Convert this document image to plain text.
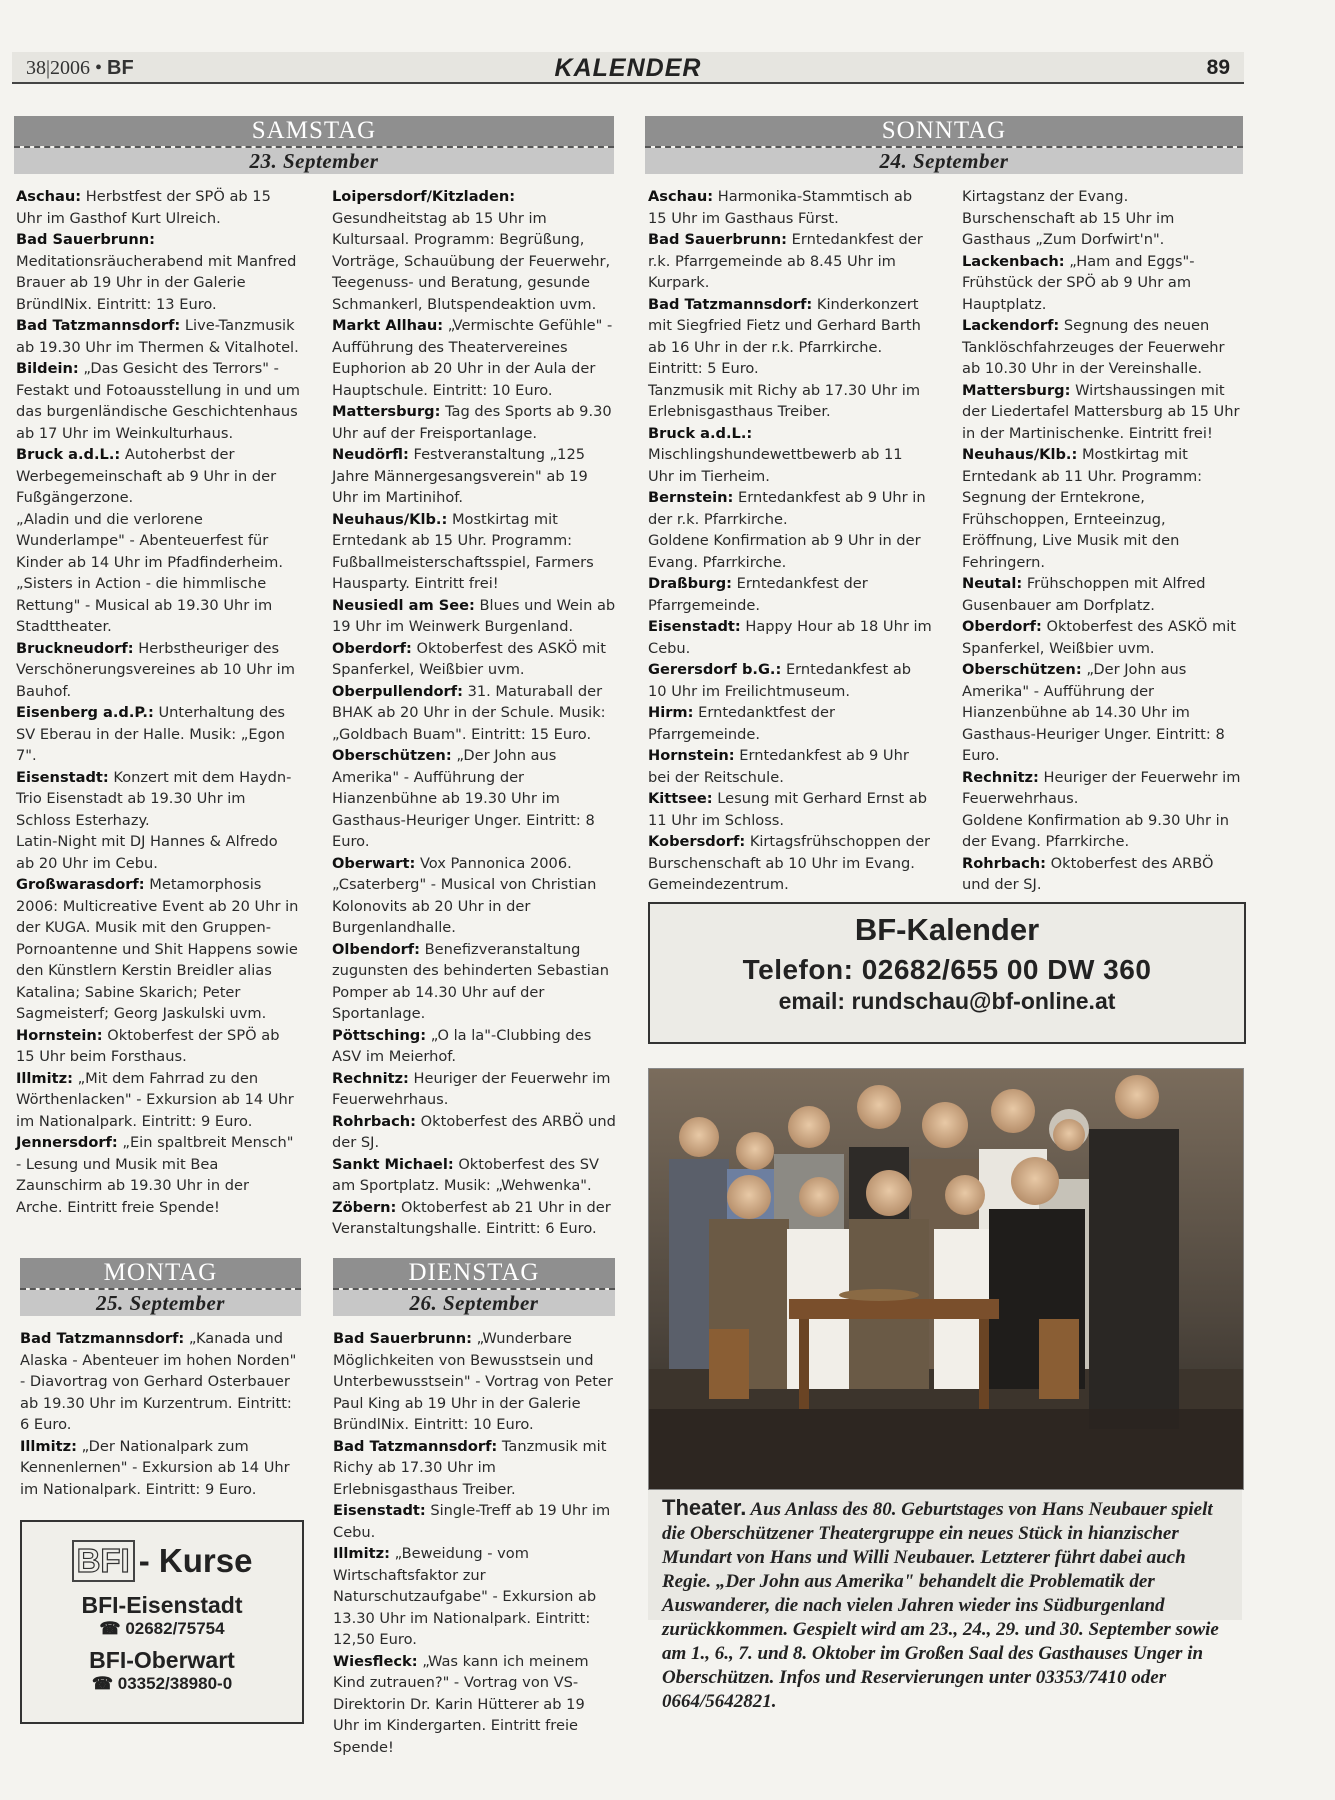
38|2006 • BF	KALENDER	89
SAMSTAG
23. September
SONNTAG
24. September

Aschau: Herbstfest der SPÖ ab 15 Uhr im Gasthof Kurt Ulreich.

Bad Sauerbrunn: Meditationsräucherabend mit Manfred Brauer ab 19 Uhr in der Galerie BründlNix. Eintritt: 13 Euro.

Bad Tatzmannsdorf: Live-Tanzmusik ab 19.30 Uhr im Thermen & Vitalhotel.

Bildein: „Das Gesicht des Terrors" - Festakt und Fotoausstellung in und um das burgenländische Geschichtenhaus ab 17 Uhr im Weinkulturhaus.

Bruck a.d.L.: Autoherbst der Werbegemeinschaft ab 9 Uhr in der Fußgängerzone.

„Aladin und die verlorene Wunderlampe" - Abenteuerfest für Kinder ab 14 Uhr im Pfadfinderheim.

„Sisters in Action - die himmlische Rettung" - Musical ab 19.30 Uhr im Stadttheater.

Bruckneudorf: Herbstheuriger des Verschönerungsvereines ab 10 Uhr im Bauhof.

Eisenberg a.d.P.: Unterhaltung des SV Eberau in der Halle. Musik: „Egon 7".

Eisenstadt: Konzert mit dem Haydn-Trio Eisenstadt ab 19.30 Uhr im Schloss Esterhazy.

Latin-Night mit DJ Hannes & Alfredo ab 20 Uhr im Cebu.

Großwarasdorf: Metamorphosis 2006: Multicreative Event ab 20 Uhr in der KUGA. Musik mit den Gruppen-Pornoantenne und Shit Happens sowie den Künstlern Kerstin Breidler alias Katalina; Sabine Skarich; Peter Sagmeisterf; Georg Jaskulski uvm.

Hornstein: Oktoberfest der SPÖ ab 15 Uhr beim Forsthaus.

Illmitz: „Mit dem Fahrrad zu den Wörthenlacken" - Exkursion ab 14 Uhr im Nationalpark. Eintritt: 9 Euro.

Jennersdorf: „Ein spaltbreit Mensch" - Lesung und Musik mit Bea Zaunschirm ab 19.30 Uhr in der Arche. Eintritt freie Spende!

Loipersdorf/Kitzladen: Gesundheitstag ab 15 Uhr im Kultursaal. Programm: Begrüßung, Vorträge, Schauübung der Feuerwehr, Teegenuss- und Beratung, gesunde Schmankerl, Blutspendeaktion uvm.

Markt Allhau: „Vermischte Gefühle" - Aufführung des Theatervereines Euphorion ab 20 Uhr in der Aula der Hauptschule. Eintritt: 10 Euro.

Mattersburg: Tag des Sports ab 9.30 Uhr auf der Freisportanlage.

Neudörfl: Festveranstaltung „125 Jahre Männergesangsverein" ab 19 Uhr im Martinihof.

Neuhaus/Klb.: Mostkirtag mit Erntedank ab 15 Uhr. Programm: Fußballmeisterschaftsspiel, Farmers Hausparty. Eintritt frei!

Neusiedl am See: Blues und Wein ab 19 Uhr im Weinwerk Burgenland.

Oberdorf: Oktoberfest des ASKÖ mit Spanferkel, Weißbier uvm.

Oberpullendorf: 31. Maturaball der BHAK ab 20 Uhr in der Schule. Musik: „Goldbach Buam". Eintritt: 15 Euro.

Oberschützen: „Der John aus Amerika" - Aufführung der Hianzenbühne ab 19.30 Uhr im Gasthaus-Heuriger Unger. Eintritt: 8 Euro.

Oberwart: Vox Pannonica 2006.

„Csaterberg" - Musical von Christian Kolonovits ab 20 Uhr in der Burgenlandhalle.

Olbendorf: Benefizveranstaltung zugunsten des behinderten Sebastian Pomper ab 14.30 Uhr auf der Sportanlage.

Pöttsching: „O la la"-Clubbing des ASV im Meierhof.

Rechnitz: Heuriger der Feuerwehr im Feuerwehrhaus.

Rohrbach: Oktoberfest des ARBÖ und der SJ.

Sankt Michael: Oktoberfest des SV am Sportplatz. Musik: „Wehwenka".

Zöbern: Oktoberfest ab 21 Uhr in der Veranstaltungshalle. Eintritt: 6 Euro.

Aschau: Harmonika-Stammtisch ab 15 Uhr im Gasthaus Fürst.

Bad Sauerbrunn: Erntedankfest der r.k. Pfarrgemeinde ab 8.45 Uhr im Kurpark.

Bad Tatzmannsdorf: Kinderkonzert mit Siegfried Fietz und Gerhard Barth ab 16 Uhr in der r.k. Pfarrkirche. Eintritt: 5 Euro.

Tanzmusik mit Richy ab 17.30 Uhr im Erlebnisgasthaus Treiber.

Bruck a.d.L.: Mischlingshundewettbewerb ab 11 Uhr im Tierheim.

Bernstein: Erntedankfest ab 9 Uhr in der r.k. Pfarrkirche.

Goldene Konfirmation ab 9 Uhr in der Evang. Pfarrkirche.

Draßburg: Erntedankfest der Pfarrgemeinde.

Eisenstadt: Happy Hour ab 18 Uhr im Cebu.

Gerersdorf b.G.: Erntedankfest ab 10 Uhr im Freilichtmuseum.

Hirm: Erntedanktfest der Pfarrgemeinde.

Hornstein: Erntedankfest ab 9 Uhr bei der Reitschule.

Kittsee: Lesung mit Gerhard Ernst ab 11 Uhr im Schloss.

Kobersdorf: Kirtagsfrühschoppen der Burschenschaft ab 10 Uhr im Evang. Gemeindezentrum.

Kirtagstanz der Evang. Burschenschaft ab 15 Uhr im Gasthaus „Zum Dorfwirt'n".

Lackenbach: „Ham and Eggs"-Frühstück der SPÖ ab 9 Uhr am Hauptplatz.

Lackendorf: Segnung des neuen Tanklöschfahrzeuges der Feuerwehr ab 10.30 Uhr in der Vereinshalle.

Mattersburg: Wirtshaussingen mit der Liedertafel Mattersburg ab 15 Uhr in der Martinischenke. Eintritt frei!

Neuhaus/Klb.: Mostkirtag mit Erntedank ab 11 Uhr. Programm: Segnung der Erntekrone, Frühschoppen, Ernteeinzug, Eröffnung, Live Musik mit den Fehringern.

Neutal: Frühschoppen mit Alfred Gusenbauer am Dorfplatz.

Oberdorf: Oktoberfest des ASKÖ mit Spanferkel, Weißbier uvm.

Oberschützen: „Der John aus Amerika" - Aufführung der Hianzenbühne ab 14.30 Uhr im Gasthaus-Heuriger Unger. Eintritt: 8 Euro.

Rechnitz: Heuriger der Feuerwehr im Feuerwehrhaus.

Goldene Konfirmation ab 9.30 Uhr in der Evang. Pfarrkirche.

Rohrbach: Oktoberfest des ARBÖ und der SJ.

BF-Kalender
Telefon: 02682/655 00 DW 360
email: rundschau@bf-online.at

Theater. Aus Anlass des 80. Geburtstages von Hans Neubauer spielt die Oberschützener Theatergruppe ein neues Stück in hianzischer Mundart von Hans und Willi Neubauer. Letzterer führt dabei auch Regie. „Der John aus Amerika" behandelt die Problematik der Auswanderer, die nach vielen Jahren wieder ins Südburgenland zurückkommen. Gespielt wird am 23., 24., 29. und 30. September sowie am 1., 6., 7. und 8. Oktober im Großen Saal des Gasthauses Unger in Oberschützen. Infos und Reservierungen unter 03353/7410 oder 0664/5642821.

MONTAG
25. September
DIENSTAG
26. September

Bad Tatzmannsdorf: „Kanada und Alaska - Abenteuer im hohen Norden" - Diavortrag von Gerhard Osterbauer ab 19.30 Uhr im Kurzentrum. Eintritt: 6 Euro.

Illmitz: „Der Nationalpark zum Kennenlernen" - Exkursion ab 14 Uhr im Nationalpark. Eintritt: 9 Euro.

Bad Sauerbrunn: „Wunderbare Möglichkeiten von Bewusstsein und Unterbewusstsein" - Vortrag von Peter Paul King ab 19 Uhr in der Galerie BründlNix. Eintritt: 10 Euro.

Bad Tatzmannsdorf: Tanzmusik mit Richy ab 17.30 Uhr im Erlebnisgasthaus Treiber.

Eisenstadt: Single-Treff ab 19 Uhr im Cebu.

Illmitz: „Beweidung - vom Wirtschaftsfaktor zur Naturschutzaufgabe" - Exkursion ab 13.30 Uhr im Nationalpark. Eintritt: 12,50 Euro.

Wiesfleck: „Was kann ich meinem Kind zutrauen?" - Vortrag von VS-Direktorin Dr. Karin Hütterer ab 19 Uhr im Kindergarten. Eintritt freie Spende!

BFI - Kurse
BFI-Eisenstadt
☎ 02682/75754
BFI-Oberwart
☎ 03352/38980-0
